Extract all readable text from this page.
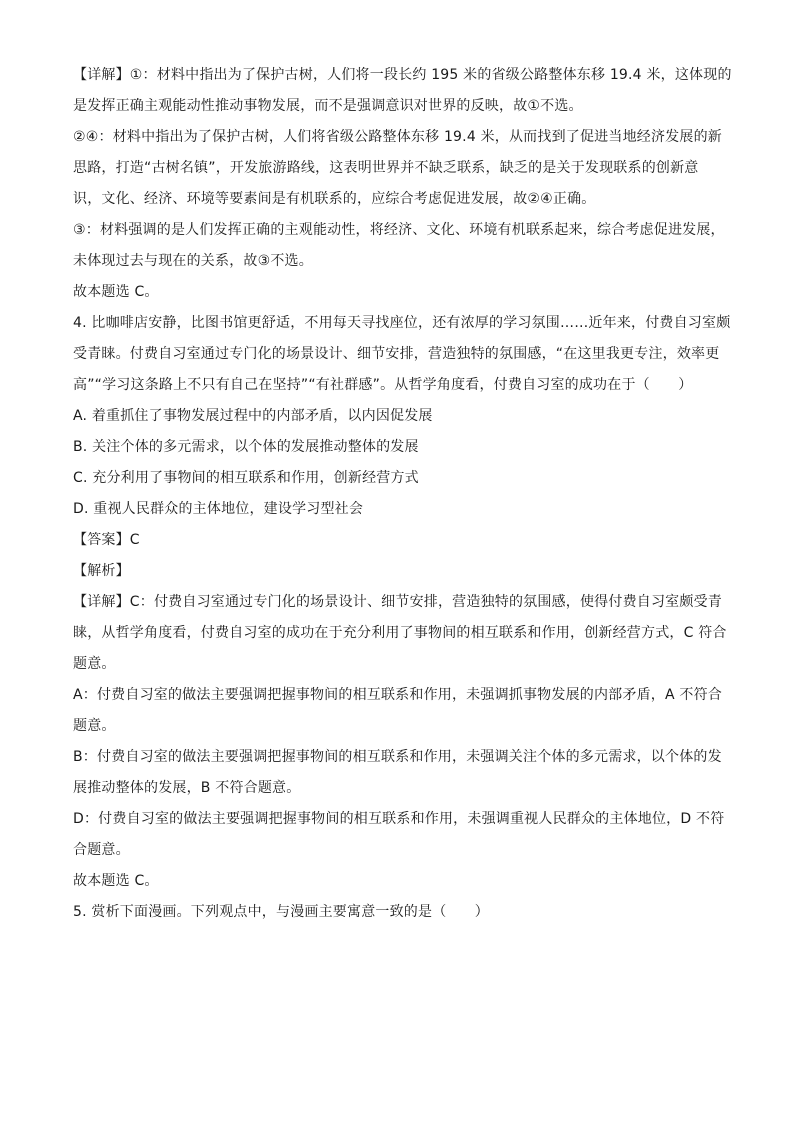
【详解】①：材料中指出为了保护古树，人们将一段长约 195 米的省级公路整体东移 19.4 米，这体现的
是发挥正确主观能动性推动事物发展，而不是强调意识对世界的反映，故①不选。
②④：材料中指出为了保护古树，人们将省级公路整体东移 19.4 米，从而找到了促进当地经济发展的新
思路，打造“古树名镇”，开发旅游路线，这表明世界并不缺乏联系，缺乏的是关于发现联系的创新意
识，文化、经济、环境等要素间是有机联系的，应综合考虑促进发展，故②④正确。
③：材料强调的是人们发挥正确的主观能动性，将经济、文化、环境有机联系起来，综合考虑促进发展，
未体现过去与现在的关系，故③不选。
故本题选 C。
4. 比咖啡店安静，比图书馆更舒适，不用每天寻找座位，还有浓厚的学习氛围……近年来，付费自习室颇
受青睐。付费自习室通过专门化的场景设计、细节安排，营造独特的氛围感，“在这里我更专注，效率更
高”“学习这条路上不只有自己在坚持”“有社群感”。从哲学角度看，付费自习室的成功在于（　　）
A. 着重抓住了事物发展过程中的内部矛盾，以内因促发展
B. 关注个体的多元需求，以个体的发展推动整体的发展
C. 充分利用了事物间的相互联系和作用，创新经营方式
D. 重视人民群众的主体地位，建设学习型社会
【答案】C
【解析】
【详解】C：付费自习室通过专门化的场景设计、细节安排，营造独特的氛围感，使得付费自习室颇受青
睐，从哲学角度看，付费自习室的成功在于充分利用了事物间的相互联系和作用，创新经营方式，C 符合
题意。
A：付费自习室的做法主要强调把握事物间的相互联系和作用，未强调抓事物发展的内部矛盾，A 不符合
题意。
B：付费自习室的做法主要强调把握事物间的相互联系和作用，未强调关注个体的多元需求，以个体的发
展推动整体的发展，B 不符合题意。
D：付费自习室的做法主要强调把握事物间的相互联系和作用，未强调重视人民群众的主体地位，D 不符
合题意。
故本题选 C。
5. 赏析下面漫画。下列观点中，与漫画主要寓意一致的是（　　）
